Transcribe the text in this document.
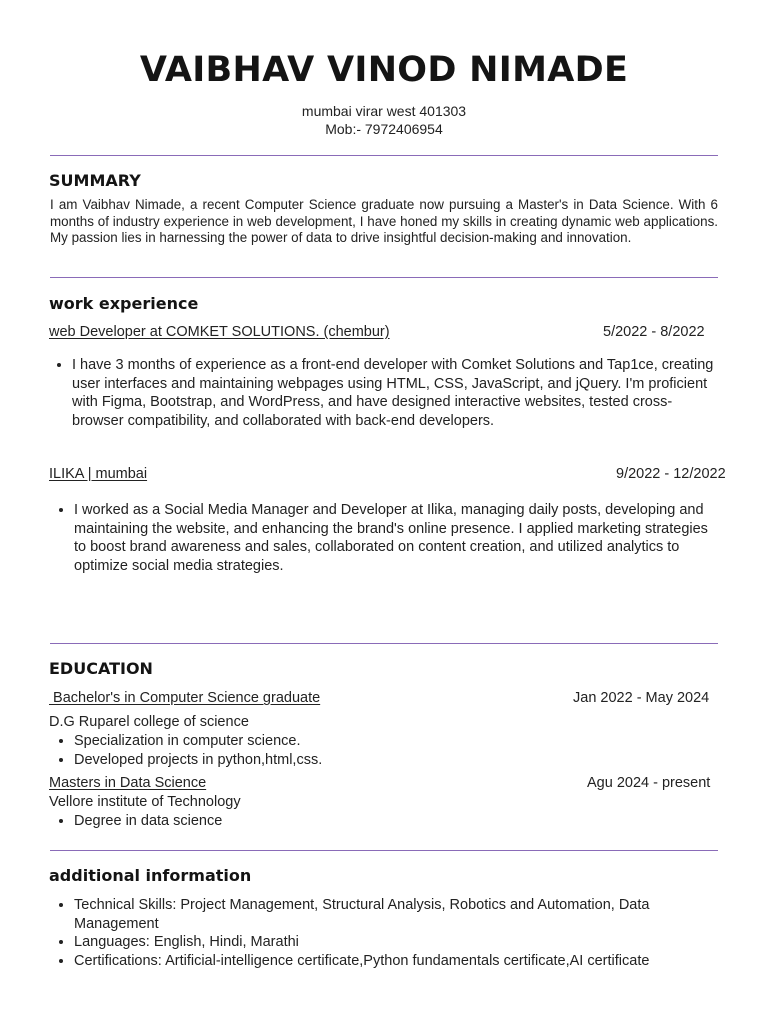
VAIBHAV VINOD NIMADE
mumbai virar west 401303
Mob:- 7972406954
SUMMARY

I am Vaibhav Nimade, a recent Computer Science graduate now pursuing a Master's in Data Science. With 6 months of industry experience in web development, I have honed my skills in creating dynamic web applications. My passion lies in harnessing the power of data to drive insightful decision-making and innovation.

work experience
web Developer at COMKET SOLUTIONS. (chembur)	5/2022 - 8/2022
• I have 3 months of experience as a front-end developer with Comket Solutions and Tap1ce, creating user interfaces and maintaining webpages using HTML, CSS, JavaScript, and jQuery. I'm proficient with Figma, Bootstrap, and WordPress, and have designed interactive websites, tested cross-browser compatibility, and collaborated with back-end developers.
ILIKA | mumbai	9/2022 - 12/2022
• I worked as a Social Media Manager and Developer at Ilika, managing daily posts, developing and maintaining the website, and enhancing the brand's online presence. I applied marketing strategies to boost brand awareness and sales, collaborated on content creation, and utilized analytics to optimize social media strategies.
EDUCATION
Bachelor's in Computer Science graduate	Jan 2022 - May 2024
D.G Ruparel college of science
• Specialization in computer science.
• Developed projects in python,html,css.
Masters in Data Science	Agu 2024 - present
Vellore institute of Technology
• Degree in data science
additional information
• Technical Skills: Project Management, Structural Analysis, Robotics and Automation, Data Management
• Languages: English, Hindi, Marathi
• Certifications: Artificial-intelligence certificate,Python fundamentals certificate,AI certificate
